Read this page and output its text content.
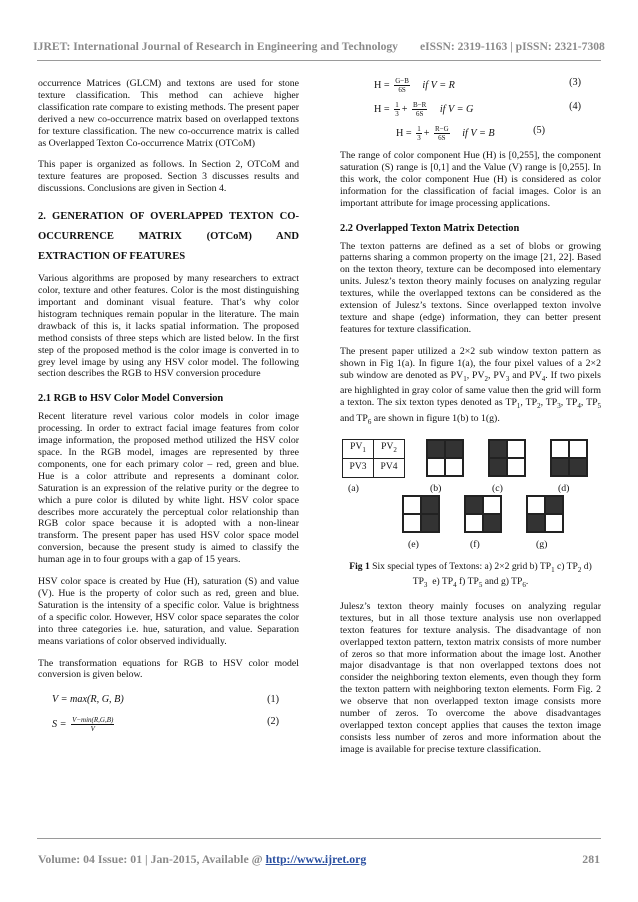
IJRET: International Journal of Research in Engineering and Technology eISSN: 2319-1163 | pISSN: 2321-7308

occurrence Matrices (GLCM) and textons are used for stone texture classification. This method can achieve higher classification rate compare to existing methods. The present paper derived a new co-occurrence matrix based on overlapped textons for texture classification. The new co-occurrence matrix is called as Overlapped Texton Co-occurrence Matrix (OTCoM)

This paper is organized as follows. In Section 2, OTCoM and texture features are proposed. Section 3 discusses results and discussions. Conclusions are given in Section 4.

2. GENERATION OF OVERLAPPED TEXTON CO-OCCURRENCE MATRIX (OTCoM) AND EXTRACTION OF FEATURES

Various algorithms are proposed by many researchers to extract color, texture and other features. Color is the most distinguishing important and dominant visual feature. That’s why color histogram techniques remain popular in the literature. The main drawback of this is, it lacks spatial information. The proposed method consists of three steps which are listed below. In the first step of the proposed method is the color image is converted in to grey level image by using any HSV color model. The following section describes the RGB to HSV conversion procedure

2.1 RGB to HSV Color Model Conversion

Recent literature revel various color models in color image processing. In order to extract facial image features from color image information, the proposed method utilized the HSV color space. In the RGB model, images are represented by three components, one for each primary color – red, green and blue. Hue is a color attribute and represents a dominant color. Saturation is an expression of the relative purity or the degree to which a pure color is diluted by white light. HSV color space describes more accurately the perceptual color relationship than RGB color space because it is adopted with a non-linear transform. The present paper has used HSV color space model conversion, because the present study is aimed to classify the human age in to four groups with a gap of 15 years.

HSV color space is created by Hue (H), saturation (S) and value (V). Hue is the property of color such as red, green and blue. Saturation is the intensity of a specific color. Value is brightness of a specific color. However, HSV color space separates the color into three categories i.e. hue, saturation, and value. Separation means variations of color observed individually.

The transformation equations for RGB to HSV color model conversion is given below.

V = max(R, G, B)	(1)
$S = \frac{V-\min(R,G,B)}{V}$	(2)
$H = \frac{G-B}{6S}$ if V = R	(3)
$H = \frac{1}{3} + \frac{B-R}{6S}$ if V = G	(4)
$H = \frac{1}{3} + \frac{R-G}{6S}$ if V = B	(5)

The range of color component Hue (H) is [0,255], the component saturation (S) range is [0,1] and the Value (V) range is [0,255]. In this work, the color component Hue (H) is considered as color information for the classification of facial images. Color is an important attribute for image processing applications.

2.2 Overlapped Texton Matrix Detection

The texton patterns are defined as a set of blobs or growing patterns sharing a common property on the image [21, 22]. Based on the texton theory, texture can be decomposed into elementary units. Julesz’s texton theory mainly focuses on analyzing regular textures, while the overlapped textons can be considered as the extension of Julesz’s textons. Since overlapped texton involve texture and shape (edge) information, they can better present features for texture classification.

The present paper utilized a 2×2 sub window texton pattern as shown in Fig 1(a). In figure 1(a), the four pixel values of a 2×2 sub window are denoted as $PV_1$, $PV_2$, $PV_3$ and $PV_4$. If two pixels are highlighted in gray color of same value then the grid will form a texton. The six texton types denoted as $TP_1$, $TP_2$, $TP_3$, $TP_4$, $TP_5$ and $TP_6$ are shown in figure 1(b) to 1(g).

$PV_1$	$PV_2$
PV3	PV4
(a)	(b)	(c)	(d)
(e)	(f)	(g)
Fig 1 Six special types of Textons: a) 2×2 grid b) $TP_1$ c) $TP_2$ d) $TP_3$  e) $TP_4$ f) $TP_5$ and g) $TP_6$.

Julesz’s texton theory mainly focuses on analyzing regular textures, but in all those texture analysis use non overlapped texton features for texture analysis. The disadvantage of non overlapped texton pattern, texton matrix consists of more number of zeros so that more information about the image lost. Another major disadvantage is that non overlapped textons does not consider the neighboring texton elements, even though they form the texton pattern with neighboring texton elements. Form Fig. 2 we observe that non overlapped texton image consists more number of zeros. To overcome the above disadvantages overlapped texton concept applies that causes the texton image consists less number of zeros and more information about the image is available for precise texture classification.

Volume: 04 Issue: 01 | Jan-2015, Available @ http://www.ijret.org	281
